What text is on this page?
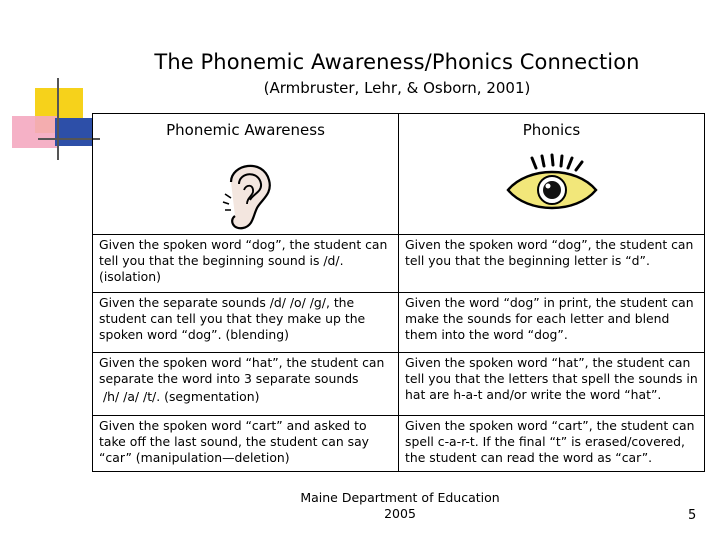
The Phonemic Awareness/Phonics Connection
(Armbruster, Lehr, & Osborn, 2001)
Phonemic Awareness	Phonics

Given the spoken word “dog”, the student can tell you that the beginning sound is /d/. (isolation)	Given the spoken word “dog”, the student can tell you that the beginning letter is “d”.
Given the separate sounds /d/ /o/ /g/, the student can tell you that they make up the spoken word “dog”. (blending)	Given the word “dog” in print, the student can make the sounds for each letter and blend them into the word “dog”.

Given the spoken word “hat”, the student can separate the word into 3 separate sounds
/h/ /a/ /t/. (segmentation)	Given the spoken word “hat”, the student can tell you that the letters that spell the sounds in hat are h-a-t and/or write the word “hat”.
Given the spoken word “cart” and asked to take off the last sound, the student can say “car” (manipulation—deletion)	Given the spoken word “cart”, the student can spell c-a-r-t. If the final “t” is erased/covered, the student can read the word as “car”.
Maine Department of Education
2005	5
